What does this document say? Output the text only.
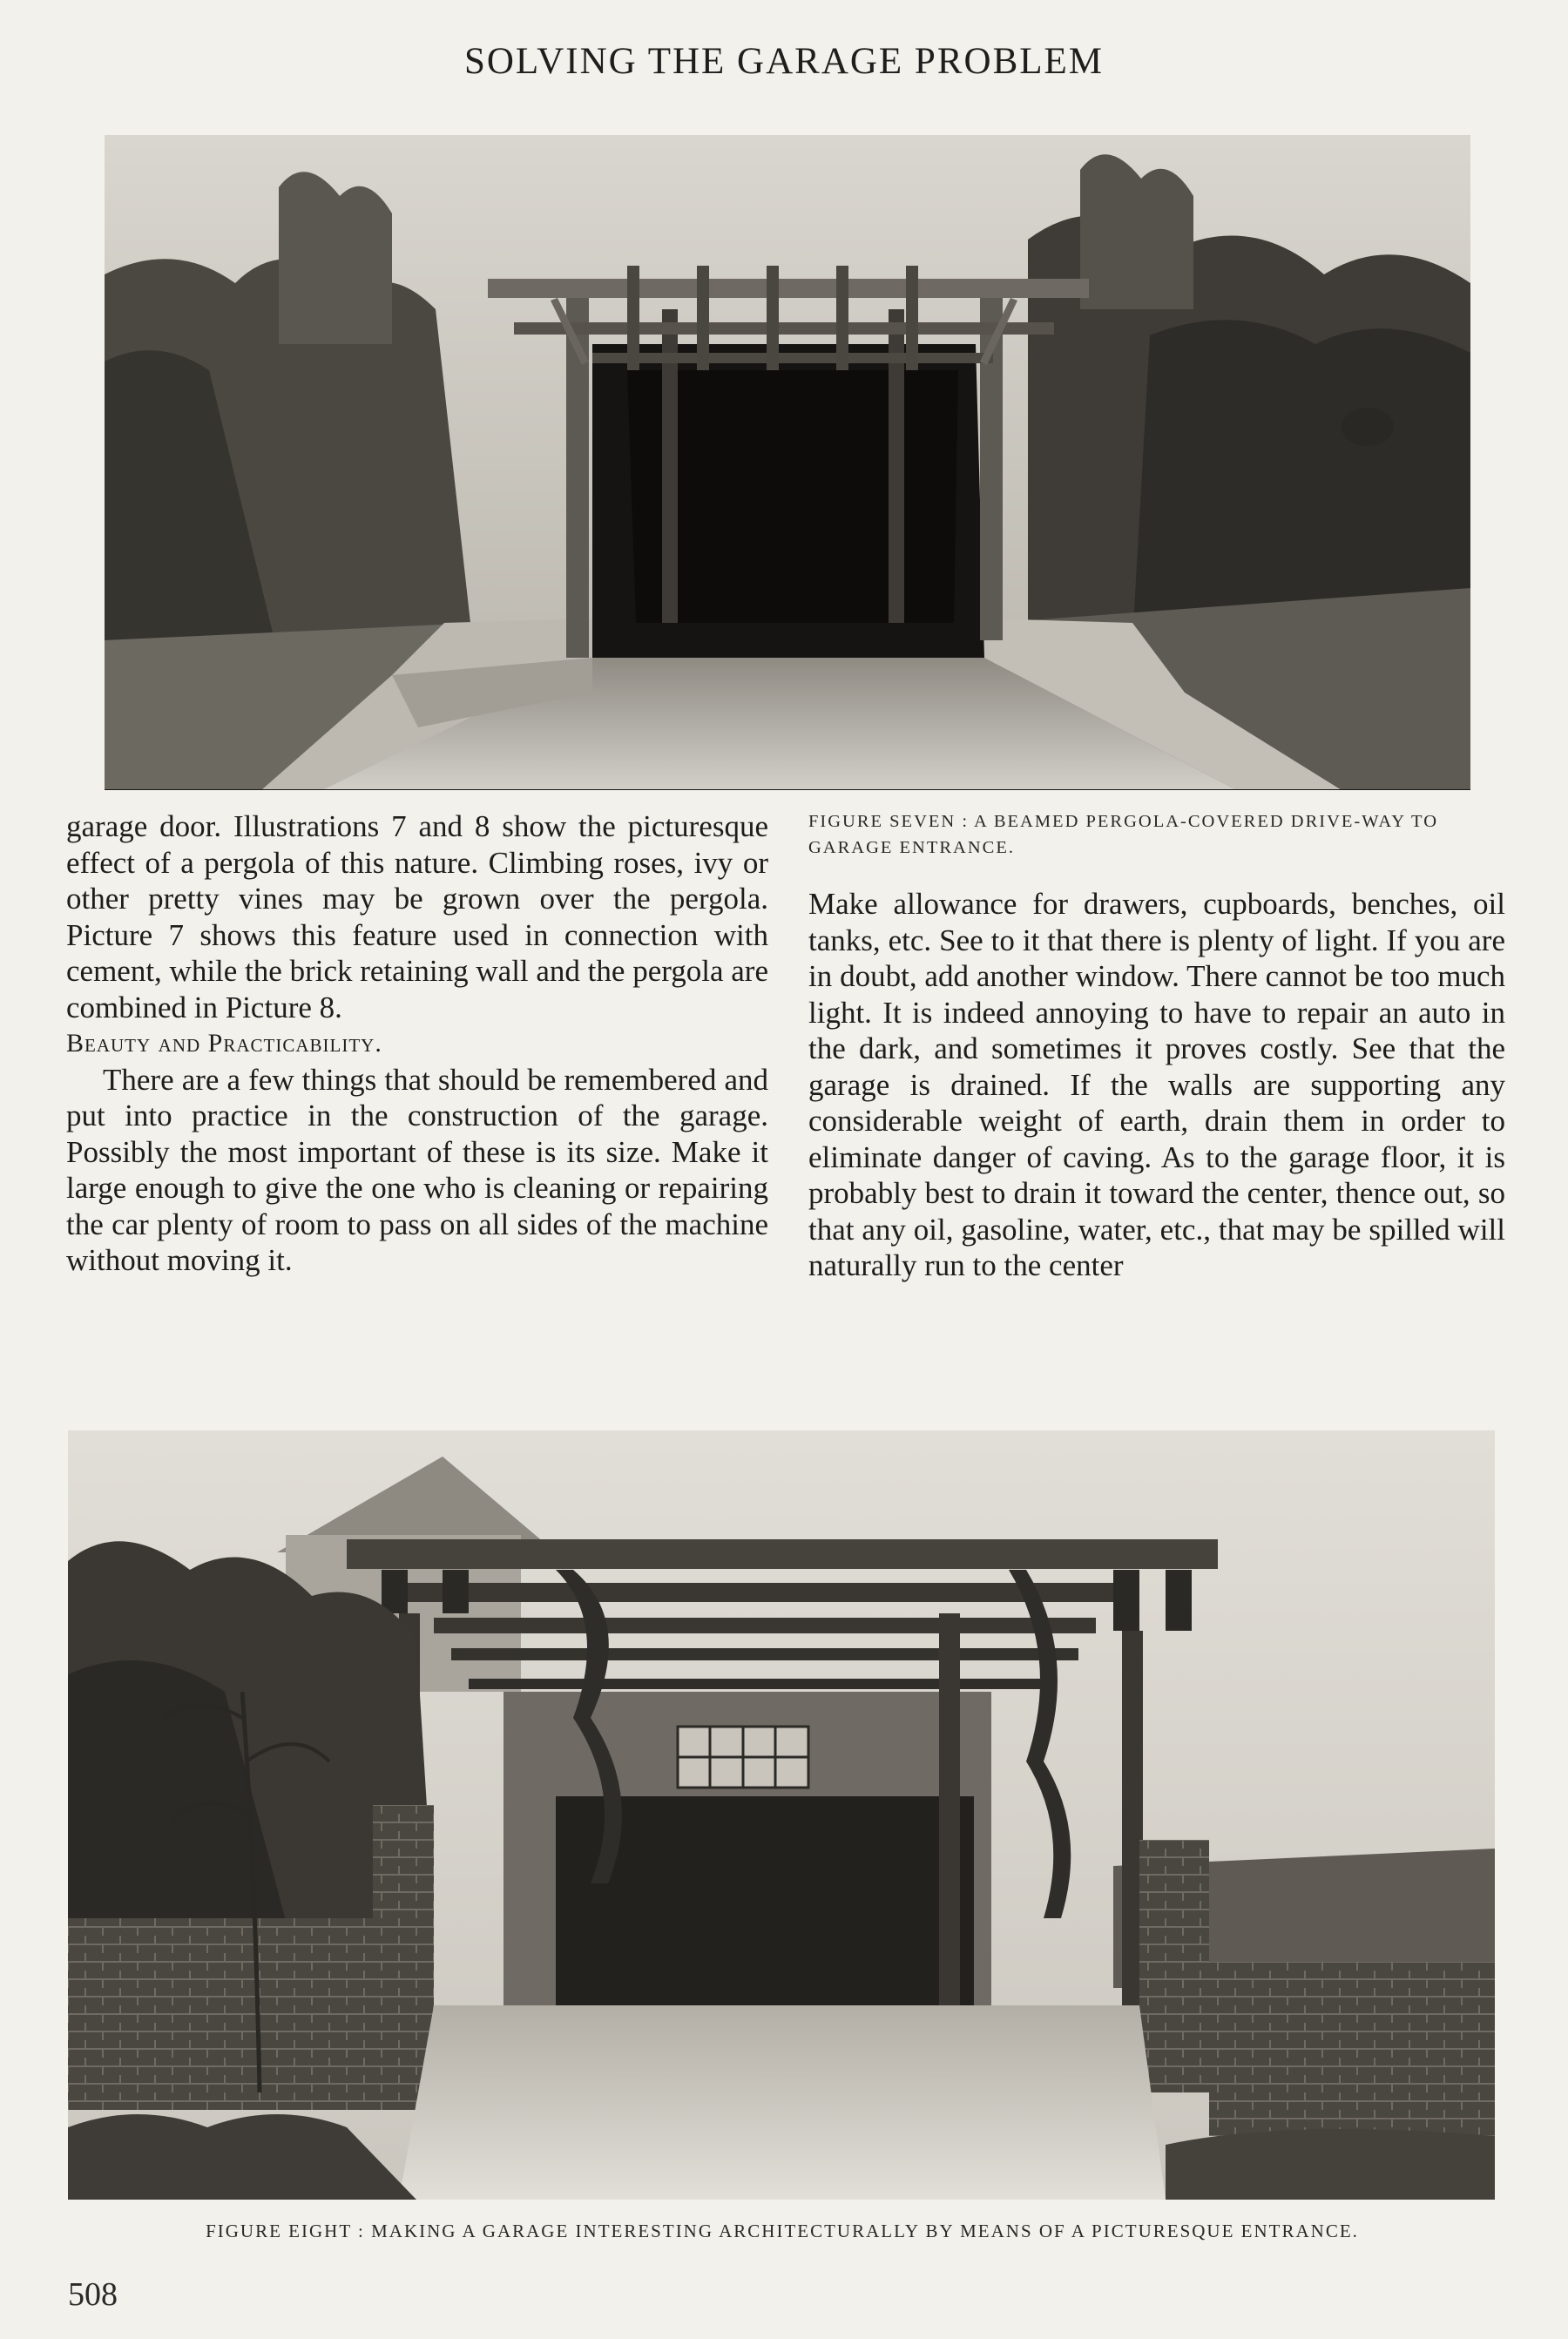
SOLVING THE GARAGE PROBLEM

garage door. Illustrations 7 and 8 show the picturesque effect of a pergola of this nature. Climbing roses, ivy or other pretty vines may be grown over the pergola. Picture 7 shows this feature used in connection with cement, while the brick retaining wall and the pergola are combined in Picture 8.

Beauty and Practicability.

There are a few things that should be remembered and put into practice in the construction of the garage. Possibly the most important of these is its size. Make it large enough to give the one who is cleaning or repairing the car plenty of room to pass on all sides of the machine without moving it.

FIGURE SEVEN : A BEAMED PERGOLA-COVERED DRIVE-WAY TO GARAGE ENTRANCE.

Make allowance for drawers, cupboards, benches, oil tanks, etc. See to it that there is plenty of light. If you are in doubt, add another window. There cannot be too much light. It is indeed annoying to have to repair an auto in the dark, and sometimes it proves costly. See that the garage is drained. If the walls are supporting any considerable weight of earth, drain them in order to eliminate danger of caving. As to the garage floor, it is probably best to drain it toward the center, thence out, so that any oil, gasoline, water, etc., that may be spilled will naturally run to the center

FIGURE EIGHT : MAKING A GARAGE INTERESTING ARCHITECTURALLY BY MEANS OF A PICTURESQUE ENTRANCE.
508
